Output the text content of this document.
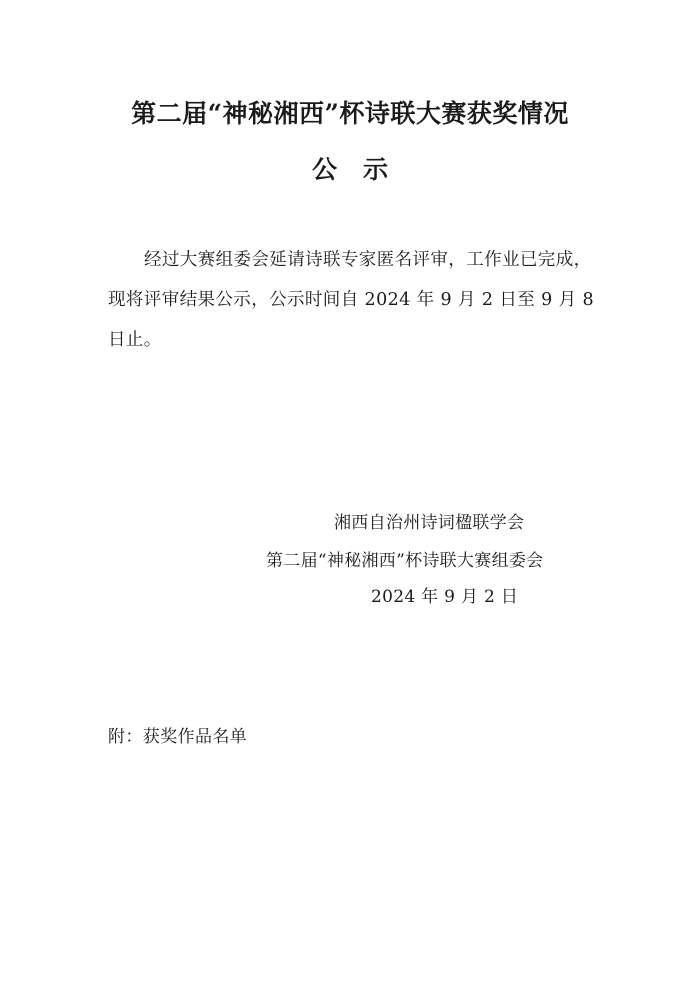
第二届“神秘湘西”杯诗联大赛获奖情况
公示

经过大赛组委会延请诗联专家匿名评审，工作业已完成，现将评审结果公示，公示时间自 2024 年 9 月 2 日至 9 月 8 日止。

湘西自治州诗词楹联学会
第二届“神秘湘西”杯诗联大赛组委会
2024 年 9 月 2 日
附：获奖作品名单
